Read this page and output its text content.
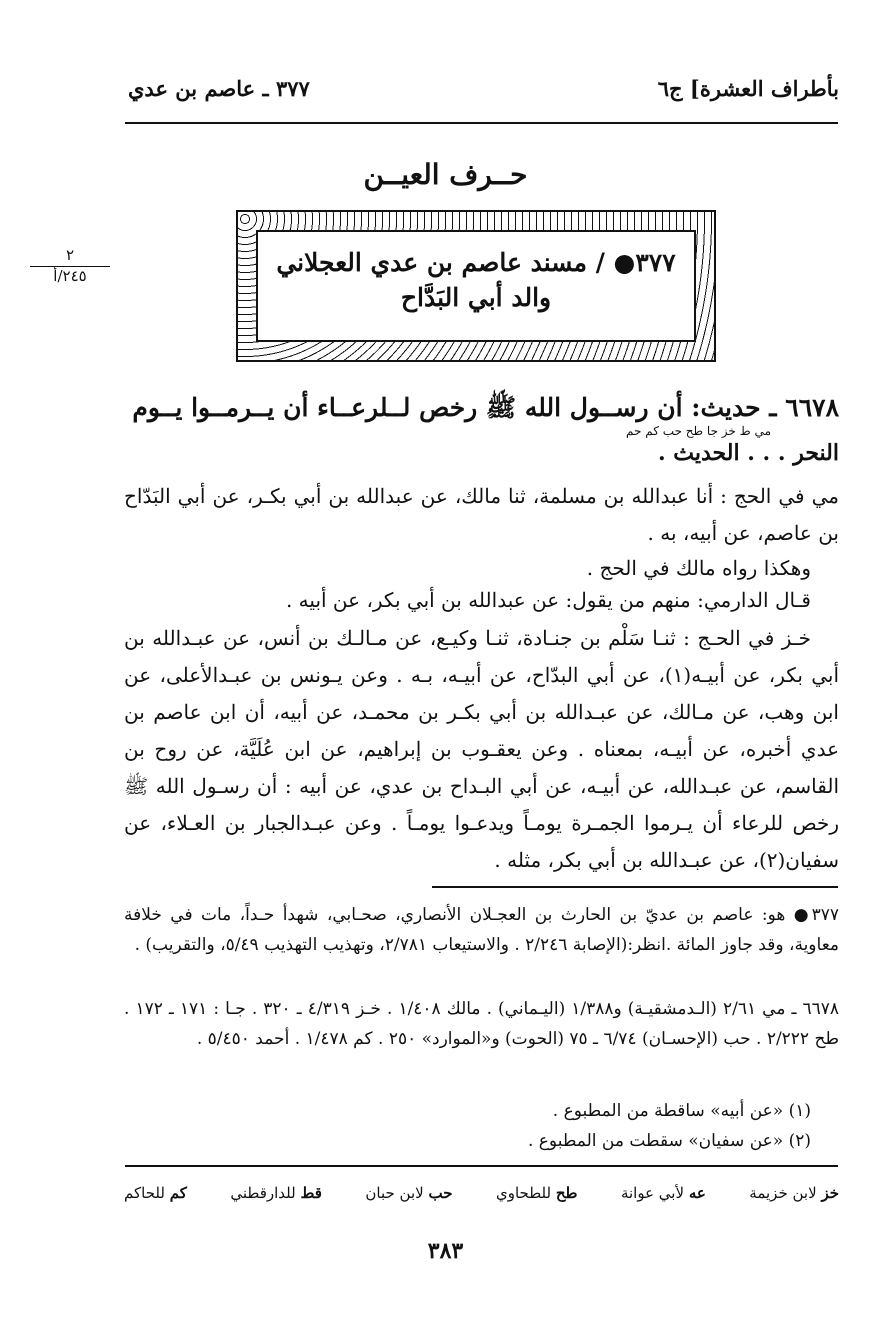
بأطراف العشرة] ج٦
٣٧٧ ـ عاصم بن عدي
حــرف العيــن
٣٧٧● / مسند عاصم بن عدي العجلاني
والد أبي البَدَّاح
٢
٢٤٥/أ
٦٦٧٨ ـ حديث: أن رســول الله ﷺ رخص لــلرعــاء أن يــرمــوا يــوم
مي ط خز جا طح حب كم حم
النحر . . . الحديث .
مي في الحج : أنا عبدالله بن مسلمة، ثنا مالك، عن عبدالله بن أبي بكـر، عن أبي البَدّاح بن عاصم، عن أبيه، به .
وهكذا رواه مالك في الحج .
قـال الدارمي: منهم من يقول: عن عبدالله بن أبي بكر، عن أبيه .
خـز في الحـج : ثنـا سَلْم بن جنـادة، ثنـا وكيـع، عن مـالـك بن أنس، عن عبـدالله بن أبي بكر، عن أبيـه(١)، عن أبي البدّاح، عن أبيـه، بـه . وعن يـونس بن عبـدالأعلى، عن ابن وهب، عن مـالك، عن عبـدالله بن أبي بكـر بن محمـد، عن أبيه، أن ابن عاصم بن عدي أخبره، عن أبيـه، بمعناه . وعن يعقـوب بن إبراهيم، عن ابن عُلَيَّة، عن روح بن القاسم، عن عبـدالله، عن أبيـه، عن أبي البـداح بن عدي، عن أبيه : أن رسـول الله ﷺ رخص للرعاء أن يـرموا الجمـرة يومـاً ويدعـوا يومـاً . وعن عبـدالجبار بن العـلاء، عن سفيان(٢)، عن عبـدالله بن أبي بكر، مثله .
٣٧٧● هو: عاصم بن عديّ بن الحارث بن العجـلان الأنصاري، صحـابي، شهدأ حـداً، مات في خلافة معاوية، وقد جاوز المائة .انظر:(الإصابة ٢/٢٤٦ . والاستيعاب ٢/٧٨١، وتهذيب التهذيب ٥/٤٩، والتقريب) .
٦٦٧٨ ـ مي ٢/٦١ (الـدمشقيـة) و١/٣٨٨ (اليـماني) . مالك ١/٤٠٨ . خـز ٤/٣١٩ ـ ٣٢٠ . جـا : ١٧١ ـ ١٧٢ . طح ٢/٢٢٢ . حب (الإحسـان) ٦/٧٤ ـ ٧٥ (الحوت) و«الموارد» ٢٥٠ . كم ١/٤٧٨ . أحمد ٥/٤٥٠ .
(١) «عن أبيه» ساقطة من المطبوع .
(٢) «عن سفيان» سقطت من المطبوع .
خز لابن خزيمة
عه لأبي عوانة
طح للطحاوي
حب لابن حبان
قط للدارقطني
كم للحاكم
٣٨٣
